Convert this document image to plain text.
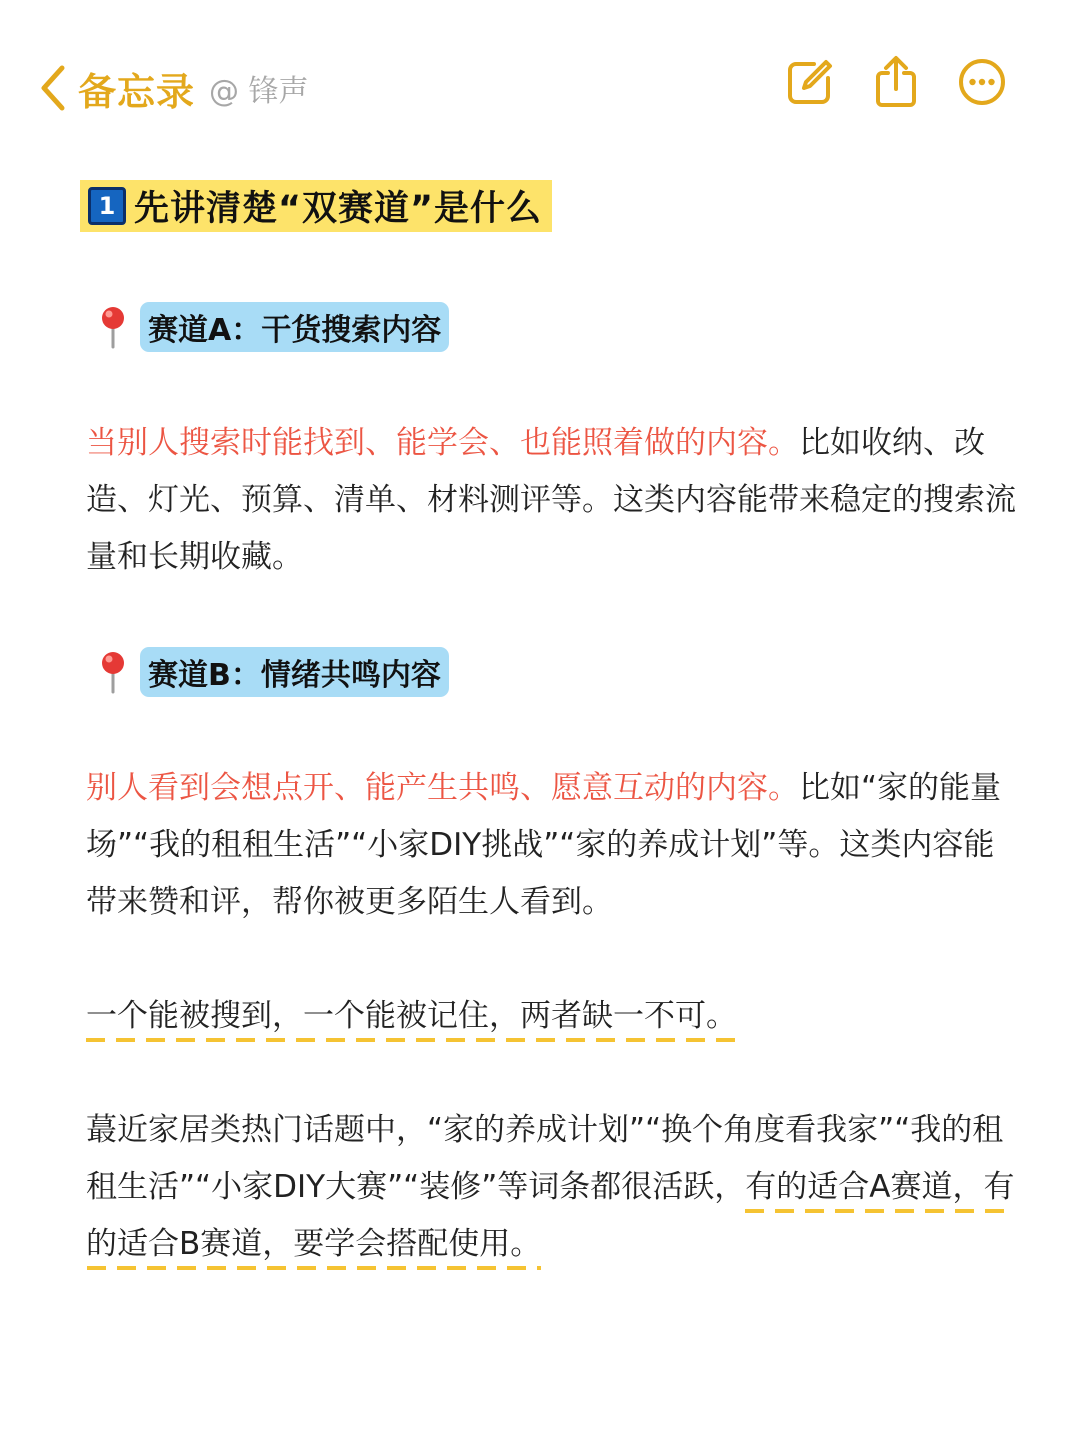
备忘录 @ 锋声
1 先讲清楚“双赛道”是什么
赛道A：干货搜索内容
当别人搜索时能找到、能学会、也能照着做的内容。比如收纳、改造、灯光、预算、清单、材料测评等。这类内容能带来稳定的搜索流量和长期收藏。
赛道B：情绪共鸣内容
别人看到会想点开、能产生共鸣、愿意互动的内容。比如“家的能量场”“我的租租生活”“小家DIY挑战”“家的养成计划”等。这类内容能带来赞和评，帮你被更多陌生人看到。
一个能被搜到，一个能被记住，两者缺一不可。
蕞近家居类热门话题中，“家的养成计划”“换个角度看我家”“我的租租生活”“小家DIY大赛”“装修”等词条都很活跃，有的适合A赛道，有的适合B赛道，要学会搭配使用。
